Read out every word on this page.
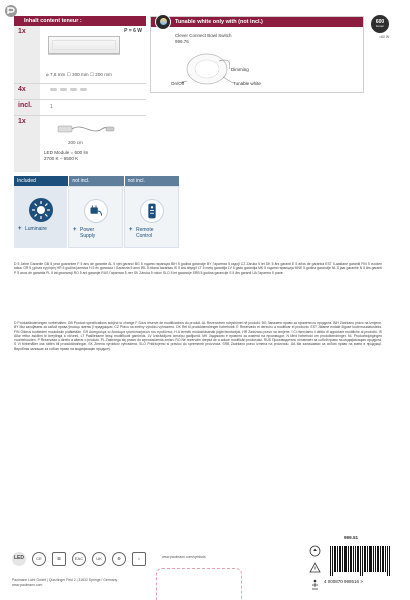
Inhalt content teneur :
1x	P = 6 W
⌀ 7,6 mm ☐ 300 mm ☐ 200 mm
4x
incl.	1
1x
200 cm
LED Module = 600 lm
2700 K – 6500 K
Tunable white only with (not incl.)
Clever Connect Bowl Switch
999.76
Dimming
On/Off	Tunable white
600
lumen
=60 W
Included	not incl.	not incl.
+ Luminaire	+ Power
Supply
+ Remote
Control
D 5 Jahre Garantie GB 5 year guarantee F 5 ans de garantie AL 5 vjet garanci BG 5 години гаранция BIH 5 godina garancije BY Гарантия 5 гадоў CZ Záruka 5 let DK 5 års garanti E 5 años de garantía EST 5-aastane garantii FIN 5 vuoden takuu GR 5 χρόνια εγγύηση HR 5 godina jamstva H 5 év garancia I Garanzia 5 anni IRL 5 bliana barántas IS 5 ára ábyrgð LT 5 metų garantija LV 5 gadu garantija MK 5 години гаранција MNE 5 godina garancije NL 5 jaar garantie N 5 års garanti P 5 anos de garantia PL 5 lat gwarancji RO 5 ani garanţie RUS Гарантия 5 лет SK Záruka 5 rokov SLO 5 let garancije SRB 5 godina garancije S 5 års garanti UA Гарантія 5 років
D Produktänderungen vorbehalten. GB Product specifications subject to change F Sous réserve de modifications du produit. AL Rezervohen ndryshimet në produkt. BG Запазено право за промени по продукта. BIH Zadržano pravo na izmjene. BY Мы захоўваем за сабой права ўносіць змены ў прадукцыю. CZ Právo na změny výrobku vyhrazeno. DK Ret til produktændringer forbeholdt. E Reservado el derecho a modificar el producto. EST Jätame endale õiguse tootemuudatusteks. FIN Oikeus tuotteiden muutoksiin pidätetään. GR Διατηρούμε το δικαίωμα τροποποιήσεων του προϊόντος. H A termék módosításának jogát fenntartjuk. HR Zadržano pravo na izmjene. I Ci riserviamo il diritto di apportare modifiche al prodotto. IS Allur réttur áskilinn til breytinga á vörunni. LT Pasiliekame teisę modifikuoti gaminius. LV Izstrādājumi izmaiņu gadījumā. MK Задржано е правото за измена на производот. N Med forbehold om produktendringer. NL Productwijzigingen voorbehouden. P Reservado o direito a alterar o produto. PL Zastrzega się prawo do wprowadzenia zmian. RO Ne rezervăm dreptul de a aduce modificări produsului. RUS Производитель оставляет за собой право на модификацию продукта. S Vi förbehåller oss rätten till produktändringar. SK Zmena výrobkov vyhradená. SLO Pridržujemo si pravico do sprememb proizvoda. SRB Zadržano pravo izmena na proizvodu. UA Ми залишаємо за собою право на зміни в продукції. Виробник залишає за собою право на модифікацію продукту.
LED	CE	⊠	EAC	UK	♻	⌂	www.paulmann.com/symbols
Paulmann Licht GmbH | Quezlinger Feld 2 | 31832 Springe / Germany
www.paulmann.com
999.51
4 000870 999516 >
